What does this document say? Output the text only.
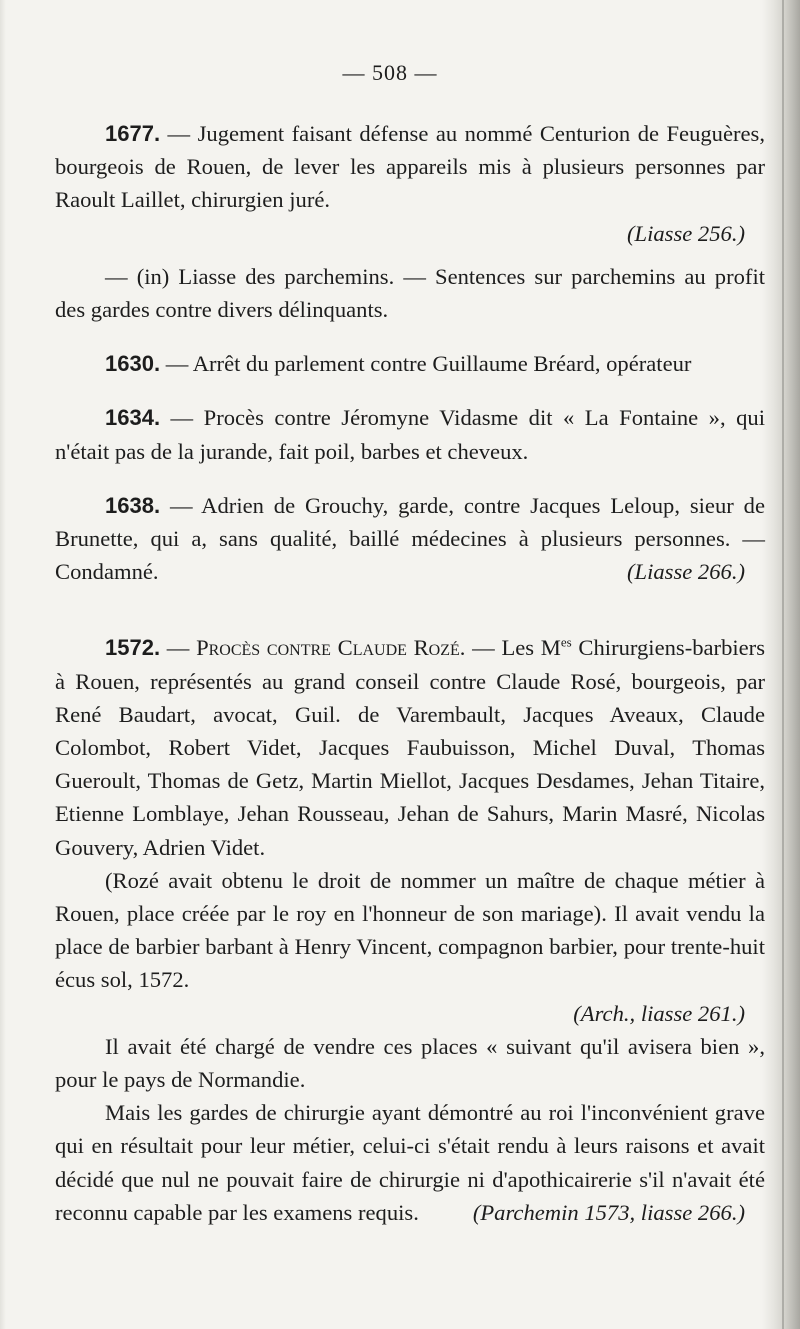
— 508 —

1677. — Jugement faisant défense au nommé Centurion de Feuguères, bourgeois de Rouen, de lever les appareils mis à plusieurs personnes par Raoult Laillet, chirurgien juré.
(Liasse 256.)

— (in) Liasse des parchemins. — Sentences sur parchemins au profit des gardes contre divers délinquants.

1630. — Arrêt du parlement contre Guillaume Bréard, opérateur

1634. — Procès contre Jéromyne Vidasme dit « La Fontaine », qui n'était pas de la jurande, fait poil, barbes et cheveux.

1638. — Adrien de Grouchy, garde, contre Jacques Leloup, sieur de Brunette, qui a, sans qualité, baillé médecines à plusieurs personnes. — Condamné.	(Liasse 266.)

1572. — Procès contre Claude Rozé. — Les $M^{es}$ Chirurgiens-barbiers à Rouen, représentés au grand conseil contre Claude Rosé, bourgeois, par René Baudart, avocat, Guil. de Varembault, Jacques Aveaux, Claude Colombot, Robert Videt, Jacques Faubuisson, Michel Duval, Thomas Gueroult, Thomas de Getz, Martin Miellot, Jacques Desdames, Jehan Titaire, Etienne Lomblaye, Jehan Rousseau, Jehan de Sahurs, Marin Masré, Nicolas Gouvery, Adrien Videt.

(Rozé avait obtenu le droit de nommer un maître de chaque métier à Rouen, place créée par le roy en l'honneur de son mariage). Il avait vendu la place de barbier barbant à Henry Vincent, compagnon barbier, pour trente-huit écus sol, 1572.
(Arch., liasse 261.)

Il avait été chargé de vendre ces places « suivant qu'il avisera bien », pour le pays de Normandie.

Mais les gardes de chirurgie ayant démontré au roi l'inconvénient grave qui en résultait pour leur métier, celui-ci s'était rendu à leurs raisons et avait décidé que nul ne pouvait faire de chirurgie ni d'apothicairerie s'il n'avait été reconnu capable par les examens requis.	(Parchemin 1573, liasse 266.)
